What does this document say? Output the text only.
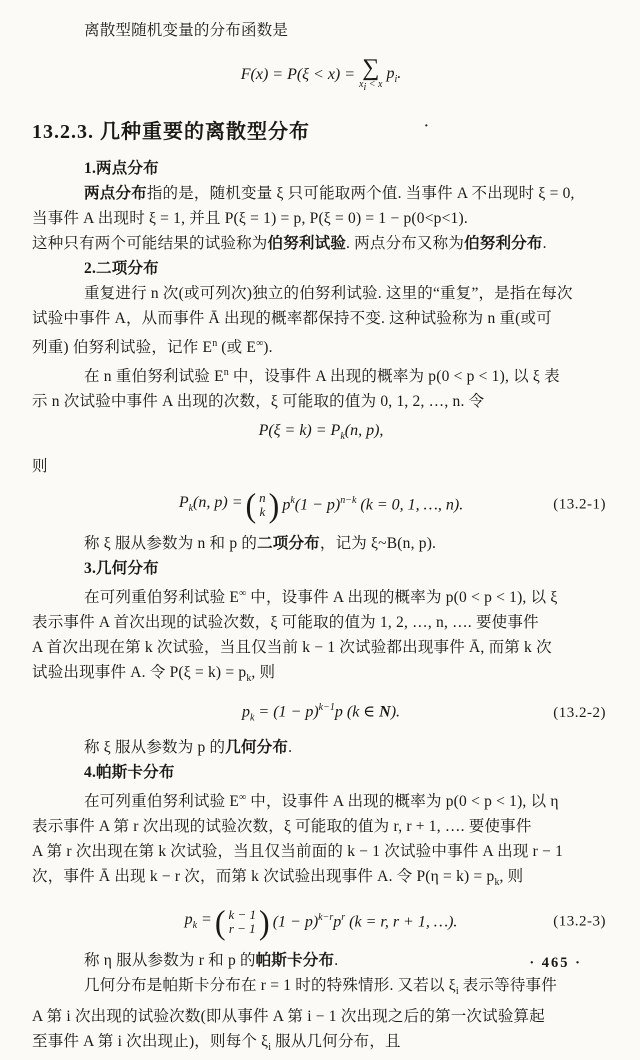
离散型随机变量的分布函数是
F(x) = P(ξ < x) = ∑
$x_i < x$
$p_i$.
13.2.3. 几种重要的离散型分布	·
1.两点分布
两点分布指的是，随机变量 ξ 只可能取两个值. 当事件 A 不出现时 ξ = 0,
当事件 A 出现时 ξ = 1, 并且 P(ξ = 1) = p, P(ξ = 0) = 1 − p(0<p<1).
这种只有两个可能结果的试验称为伯努利试验. 两点分布又称为伯努利分布.
2.二项分布
重复进行 n 次(或可列次)独立的伯努利试验. 这里的“重复”，是指在每次
试验中事件 A，从而事件 Ā 出现的概率都保持不变. 这种试验称为 n 重(或可
列重) 伯努利试验，记作 $E^n$ (或 E∞).
在 n 重伯努利试验 $E^n$ 中，设事件 A 出现的概率为 p(0 < p < 1), 以 ξ 表
示 n 次试验中事件 A 出现的次数，ξ 可能取的值为 0, 1, 2, …, n. 令
$P(\xi = k) = P_k(n$, p),
则
$P_k(n$, p) = ( n
k ) $p^k(1 - p)^{n-k}$ (k = 0, 1, …, n).	(13.2-1)
称 ξ 服从参数为 n 和 p 的二项分布，记为 ξ~B(n, p).
3.几何分布
在可列重伯努利试验 E∞ 中，设事件 A 出现的概率为 p(0 < p < 1), 以 ξ
表示事件 A 首次出现的试验次数，ξ 可能取的值为 1, 2, …, n, …. 要使事件
A 首次出现在第 k 次试验，当且仅当前 k − 1 次试验都出现事件 Ā, 而第 k 次
试验出现事件 A. 令 $P(\xi = k) = p_k$, 则
$p_k = (1 - p)^{k-1}p$ (k ∈ N).	(13.2-2)
称 ξ 服从参数为 p 的几何分布.
4.帕斯卡分布
在可列重伯努利试验 E∞ 中，设事件 A 出现的概率为 p(0 < p < 1), 以 η
表示事件 A 第 r 次出现的试验次数，ξ 可能取的值为 r, r + 1, …. 要使事件
A 第 r 次出现在第 k 次试验，当且仅当前面的 k − 1 次试验中事件 A 出现 r − 1
次，事件 Ā 出现 k − r 次，而第 k 次试验出现事件 A. 令 $P(\eta = k) = p_k$, 则
$p_k$ = ( k − 1
r − 1 ) $(1 - p)^{k-r}p^r$ (k = r, r + 1, …).	(13.2-3)
称 η 服从参数为 r 和 p 的帕斯卡分布.
几何分布是帕斯卡分布在 r = 1 时的特殊情形. 又若以 $\xi_i$ 表示等待事件
A 第 i 次出现的试验次数(即从事件 A 第 i − 1 次出现之后的第一次试验算起
至事件 A 第 i 次出现止)，则每个 $\xi_i$ 服从几何分布，且
· 465 ·
